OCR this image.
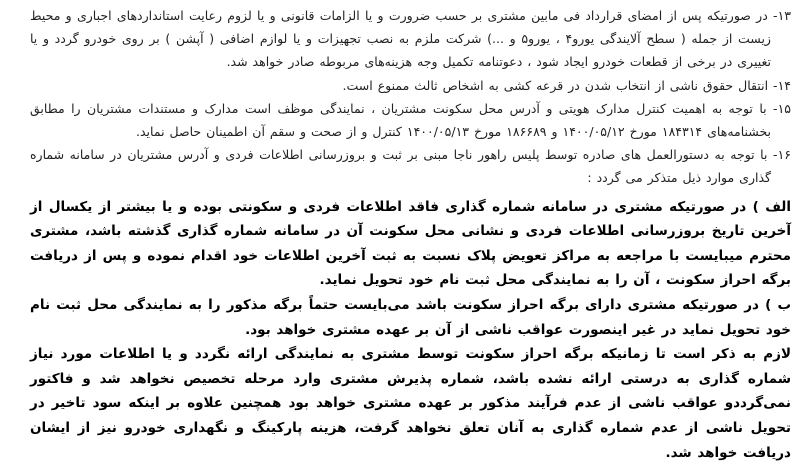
۱۳- در صورتیکه پس از امضای قرارداد فی مابین مشتری بر حسب ضرورت و یا الزامات قانونی و یا لزوم رعایت استانداردهای اجباری و محیط زیست از جمله ( سطح آلایندگی یورو۴ ، یورو۵ و ...) شرکت ملزم به نصب تجهیزات و یا لوازم اضافی ( آپشن ) بر روی خودرو گردد و یا تغییری در برخی از قطعات خودرو ایجاد شود ، دعوتنامه تکمیل وجه هزینه‌های مربوطه صادر خواهد شد.

۱۴- انتقال حقوق ناشی از انتخاب شدن در قرعه کشی به اشخاص ثالث ممنوع است.

۱۵- با توجه به اهمیت کنترل مدارک هویتی و آدرس محل سکونت مشتریان ، نمایندگی موظف است مدارک و مستندات مشتریان را مطابق بخشنامه‌های ۱۸۴۳۱۴ مورخ ۱۴۰۰/۰۵/۱۲ و ۱۸۶۶۸۹ مورخ ۱۴۰۰/۰۵/۱۳ کنترل و از صحت و سقم آن اطمینان حاصل نماید.

۱۶- با توجه به دستورالعمل های صادره توسط پلیس راهور ناجا مبنی بر ثبت و بروزرسانی اطلاعات فردی و آدرس مشتریان در سامانه شماره گذاری موارد ذیل متذکر می گردد :

الف ) در صورتیکه مشتری در سامانه شماره گذاری فاقد اطلاعات فردی و سکونتی بوده و یا بیشتر از یکسال از آخرین تاریخ بروزرسانی اطلاعات فردی و نشانی محل سکونت آن در سامانه شماره گذاری گذشته باشد، مشتری محترم میبایست با مراجعه به مراکز تعویض پلاک نسبت به ثبت آخرین اطلاعات خود اقدام نموده و پس از دریافت برگه احراز سکونت ، آن را به نمایندگی محل ثبت نام خود تحویل نماید.

ب ) در صورتیکه مشتری دارای برگه احراز سکونت باشد می‌بایست حتماً برگه مذکور را به نمایندگی محل ثبت نام خود تحویل نماید در غیر اینصورت عواقب ناشی از آن بر عهده مشتری خواهد بود.

لازم به ذکر است تا زمانیکه برگه احراز سکونت توسط مشتری به نمایندگی ارائه نگردد و یا اطلاعات مورد نیاز شماره گذاری به درستی ارائه نشده باشد، شماره پذیرش مشتری وارد مرحله تخصیص نخواهد شد و فاکتور نمی‌گرددو عواقب ناشی از عدم فرآیند مذکور بر عهده مشتری خواهد بود همچنین علاوه بر اینکه سود تاخیر در تحویل ناشی از عدم شماره گذاری به آنان تعلق نخواهد گرفت، هزینه پارکینگ و نگهداری خودرو نیز از ایشان دریافت خواهد شد.
